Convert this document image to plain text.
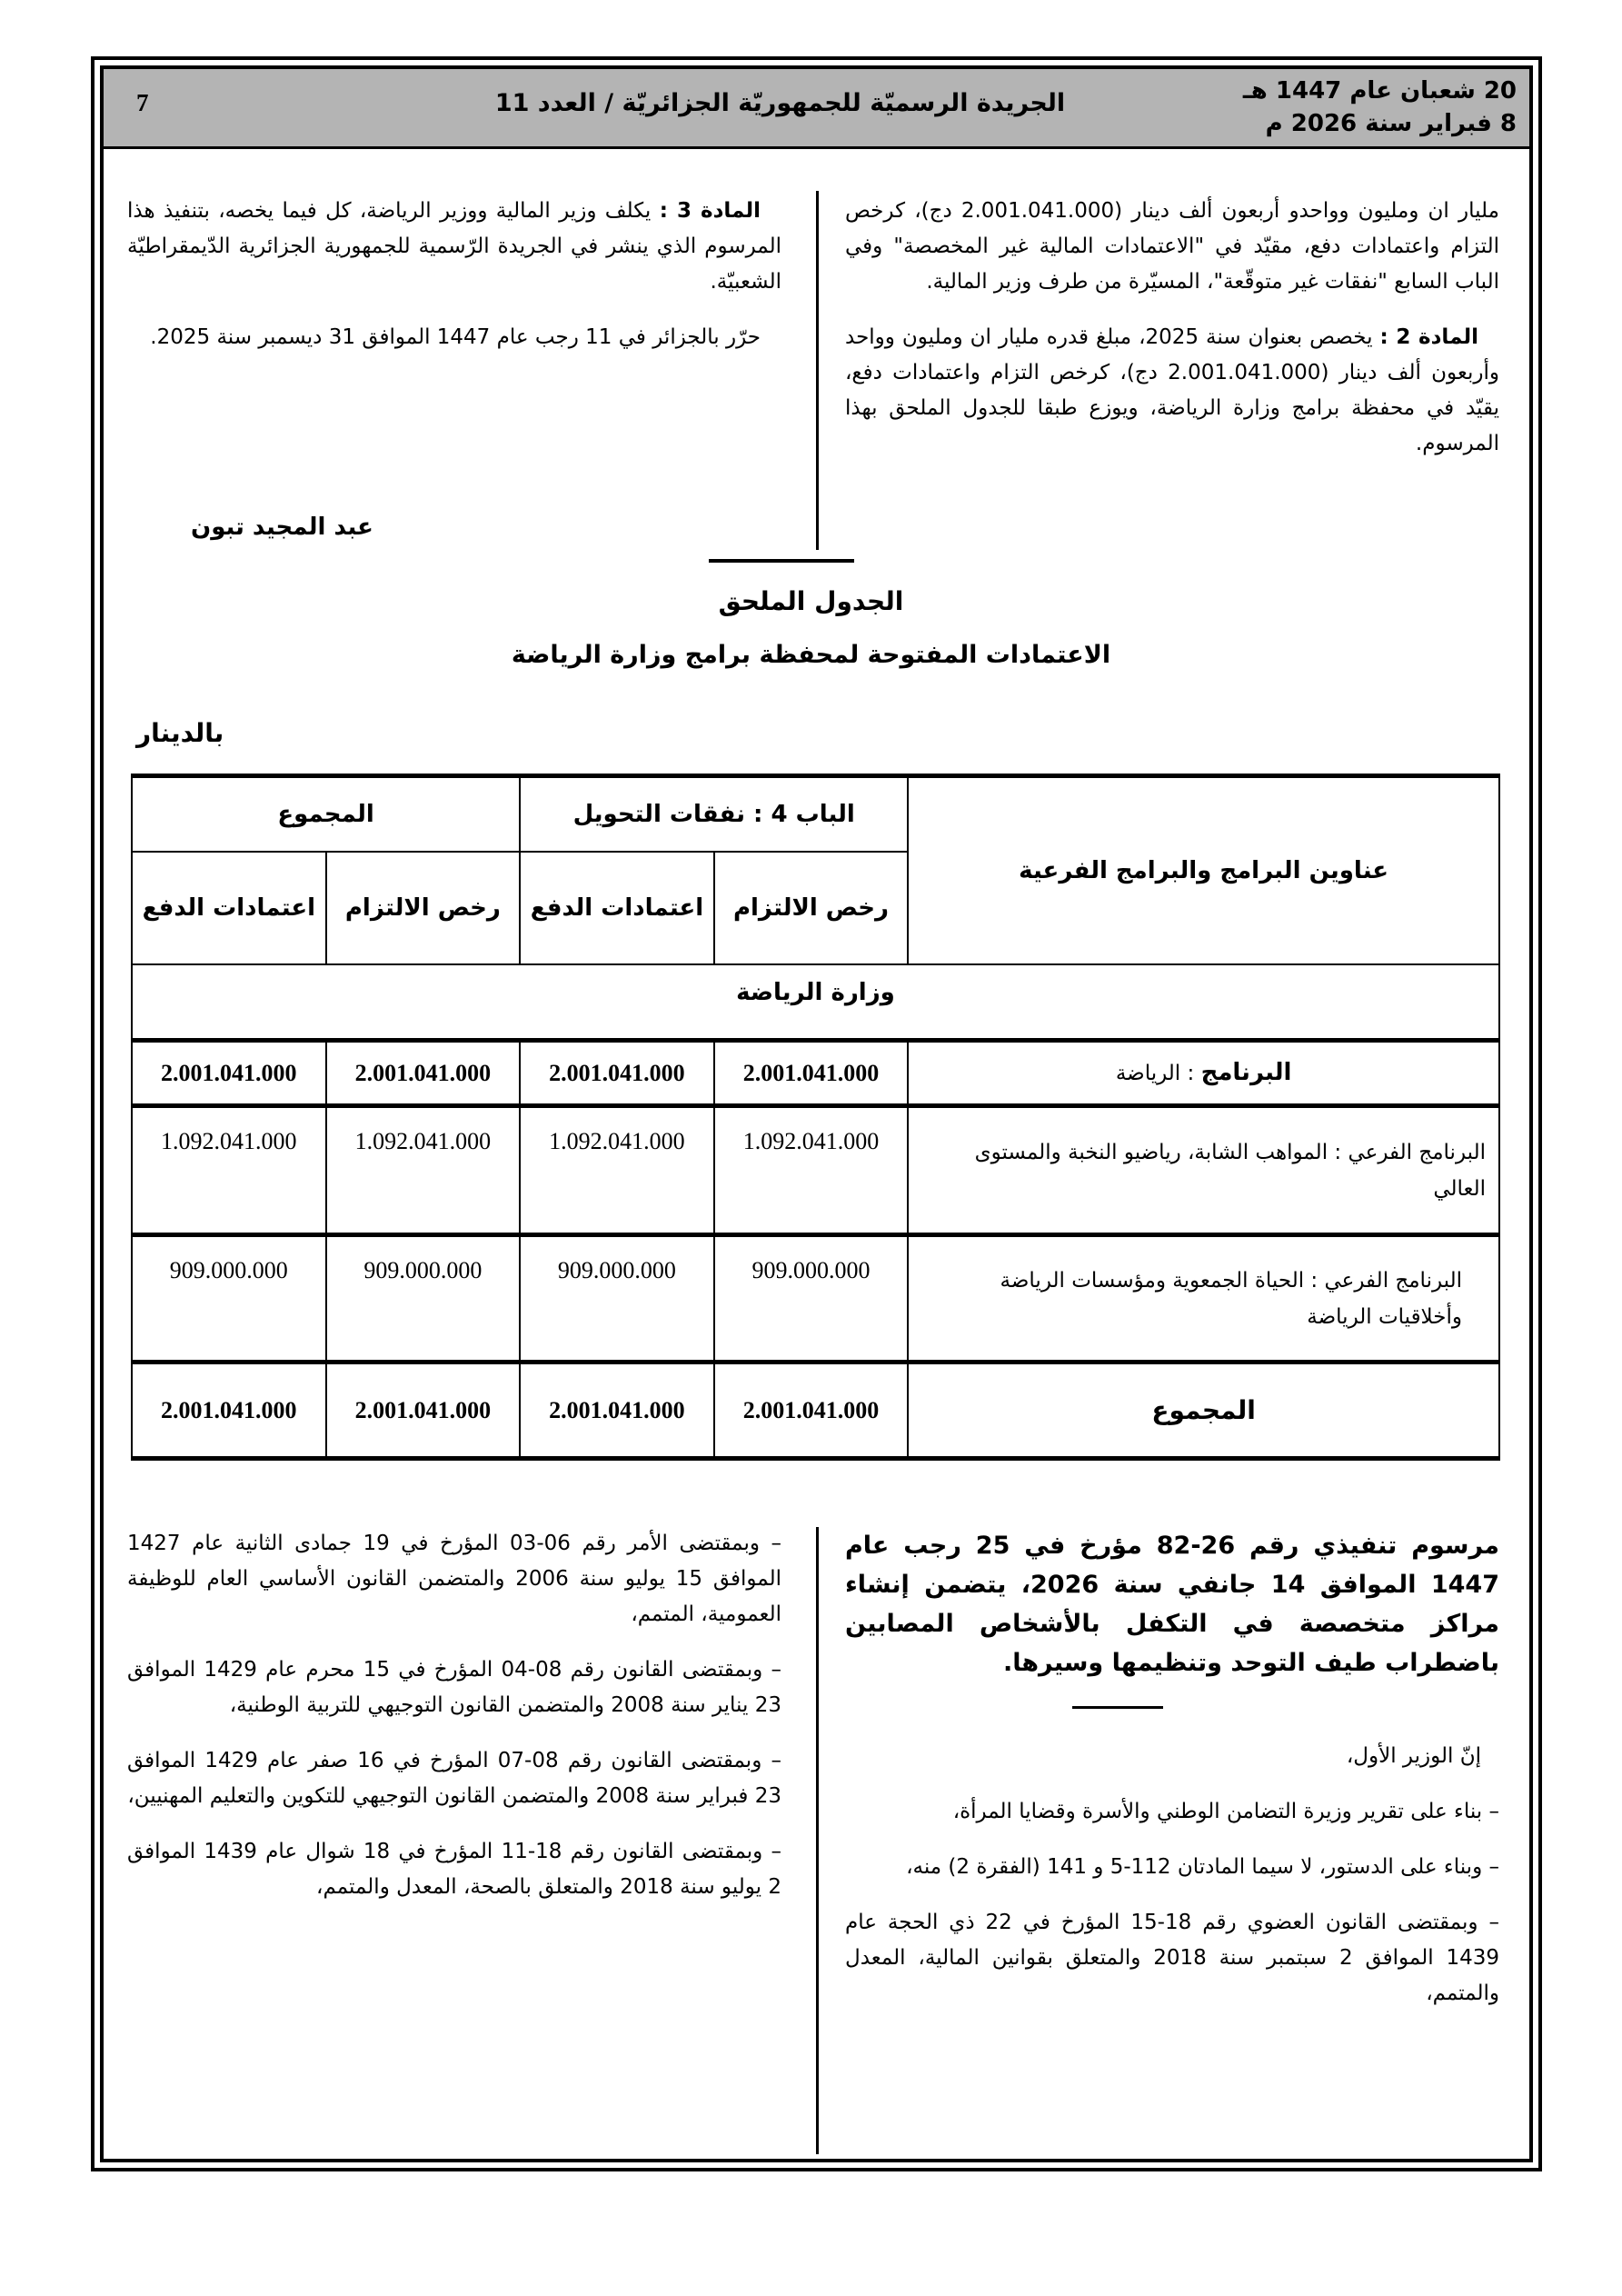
20 شعبان عام 1447 هـ
8 فبراير سنة 2026 م
الجريدة الرسميّة للجمهوريّة الجزائريّة / العدد 11
7

مليار ان ومليون وواحدو أربعون ألف دينار (2.001.041.000 دج)، كرخص التزام واعتمادات دفع، مقيّد في "الاعتمادات المالية غير المخصصة" وفي الباب السابع "نفقات غير متوقّعة"، المسيّرة من طرف وزير المالية.

 المادة 2 : يخصص بعنوان سنة 2025، مبلغ قدره مليار ان ومليون وواحد وأربعون ألف دينار (2.001.041.000 دج)، كرخص التزام واعتمادات دفع، يقيّد في محفظة برامج وزارة الرياضة، ويوزع طبقا للجدول الملحق بهذا المرسوم.

 المادة 3 : يكلف وزير المالية ووزير الرياضة، كل فيما يخصه، بتنفيذ هذا المرسوم الذي ينشر في الجريدة الرّسمية للجمهورية الجزائرية الدّيمقراطيّة الشعبيّة.

 حرّر بالجزائر في 11 رجب عام 1447 الموافق 31 ديسمبر سنة 2025.

عبد المجيد تبون
الجدول الملحق
الاعتمادات المفتوحة لمحفظة برامج وزارة الرياضة
بالدينار
عناوين البرامج والبرامج الفرعية	الباب 4 : نفقات التحويل		المجموع	
	رخص الالتزام	اعتمادات الدفع	رخص الالتزام	اعتمادات الدفع
وزارة الرياضة				
البرنامج : الرياضة	2.001.041.000	2.001.041.000	2.001.041.000	2.001.041.000
البرنامج الفرعي : المواهب الشابة، رياضيو النخبة والمستوى العالي	1.092.041.000	1.092.041.000	1.092.041.000	1.092.041.000
البرنامج الفرعي : الحياة الجمعوية ومؤسسات الرياضة وأخلاقيات الرياضة	909.000.000	909.000.000	909.000.000	909.000.000
المجموع	2.001.041.000	2.001.041.000	2.001.041.000	2.001.041.000

مرسوم تنفيذي رقم 26-82 مؤرخ في 25 رجب عام 1447 الموافق 14 جانفي سنة 2026، يتضمن إنشاء مراكز متخصصة في التكفل بالأشخاص المصابين باضطراب طيف التوحد وتنظيمها وسيرها.

إنّ الوزير الأول،

– بناء على تقرير وزيرة التضامن الوطني والأسرة وقضايا المرأة،

– وبناء على الدستور، لا سيما المادتان 112-5 و 141 (الفقرة 2) منه،

– وبمقتضى القانون العضوي رقم 18-15 المؤرخ في 22 ذي الحجة عام 1439 الموافق 2 سبتمبر سنة 2018 والمتعلق بقوانين المالية، المعدل والمتمم،

– وبمقتضى الأمر رقم 06-03 المؤرخ في 19 جمادى الثانية عام 1427 الموافق 15 يوليو سنة 2006 والمتضمن القانون الأساسي العام للوظيفة العمومية، المتمم،

– وبمقتضى القانون رقم 08-04 المؤرخ في 15 محرم عام 1429 الموافق 23 يناير سنة 2008 والمتضمن القانون التوجيهي للتربية الوطنية،

– وبمقتضى القانون رقم 08-07 المؤرخ في 16 صفر عام 1429 الموافق 23 فبراير سنة 2008 والمتضمن القانون التوجيهي للتكوين والتعليم المهنيين،

– وبمقتضى القانون رقم 18-11 المؤرخ في 18 شوال عام 1439 الموافق 2 يوليو سنة 2018 والمتعلق بالصحة، المعدل والمتمم،
